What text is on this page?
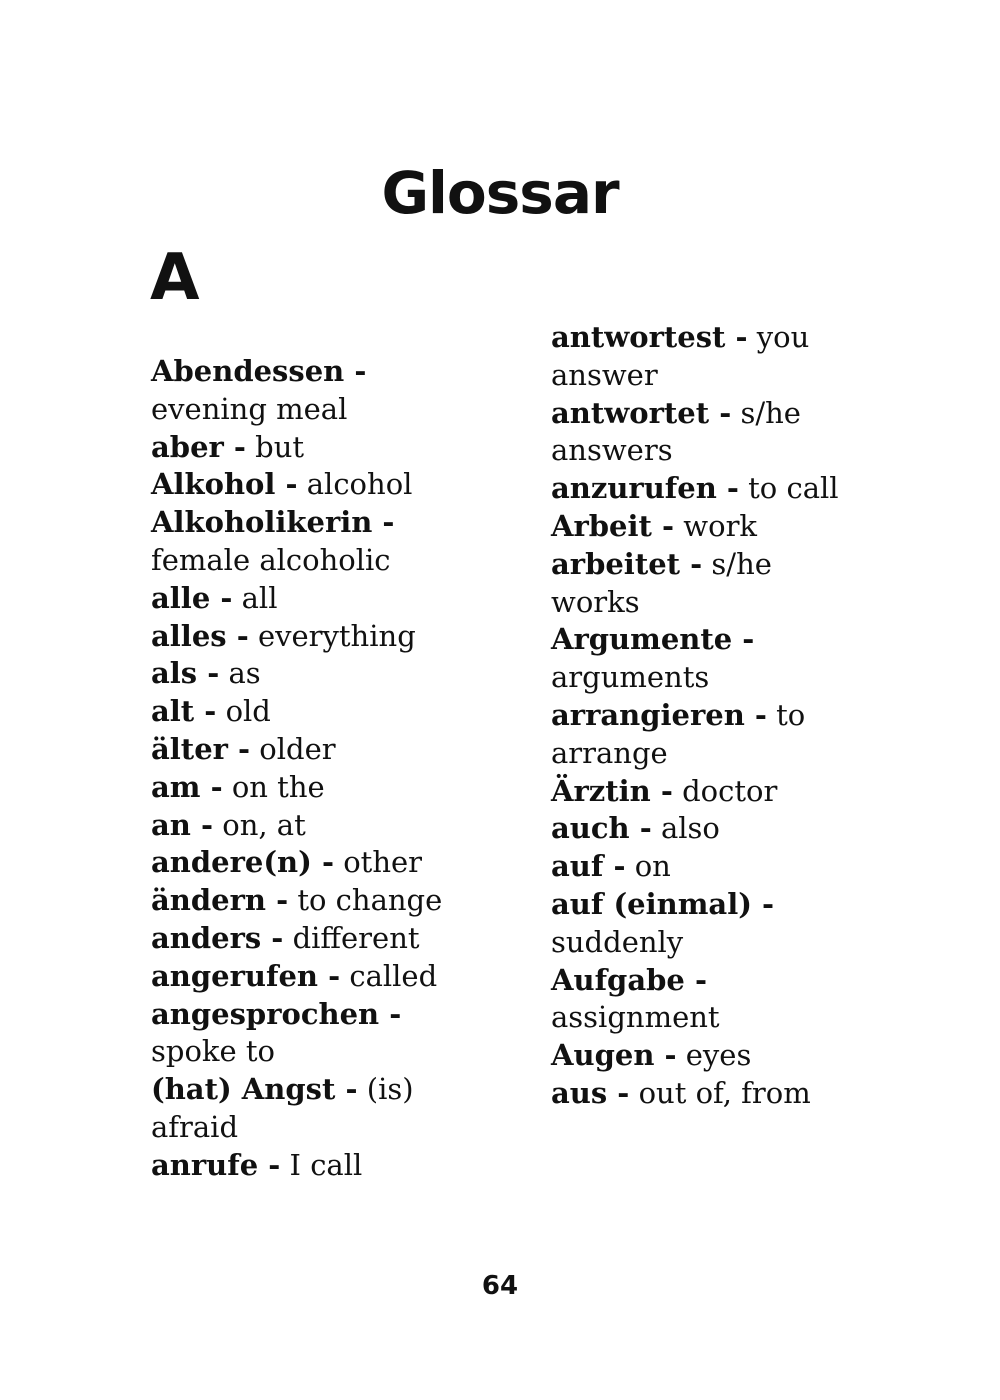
Glossar
A

Abendessen - evening meal

aber - but

Alkohol - alcohol

Alkoholikerin - female alcoholic

alle - all

alles - everything

als - as

alt - old

älter - older

am - on the

an - on, at

andere(n) - other

ändern - to change

anders - different

angerufen - called

angesprochen - spoke to

(hat) Angst - (is) afraid

anrufe - I call

antwortest - you answer

antwortet - s/he answers

anzurufen - to call

Arbeit - work

arbeitet - s/he works

Argumente - arguments

arrangieren - to arrange

Ärztin - doctor

auch - also

auf - on

auf (einmal) - suddenly

Aufgabe - assignment

Augen - eyes

aus - out of, from

64
